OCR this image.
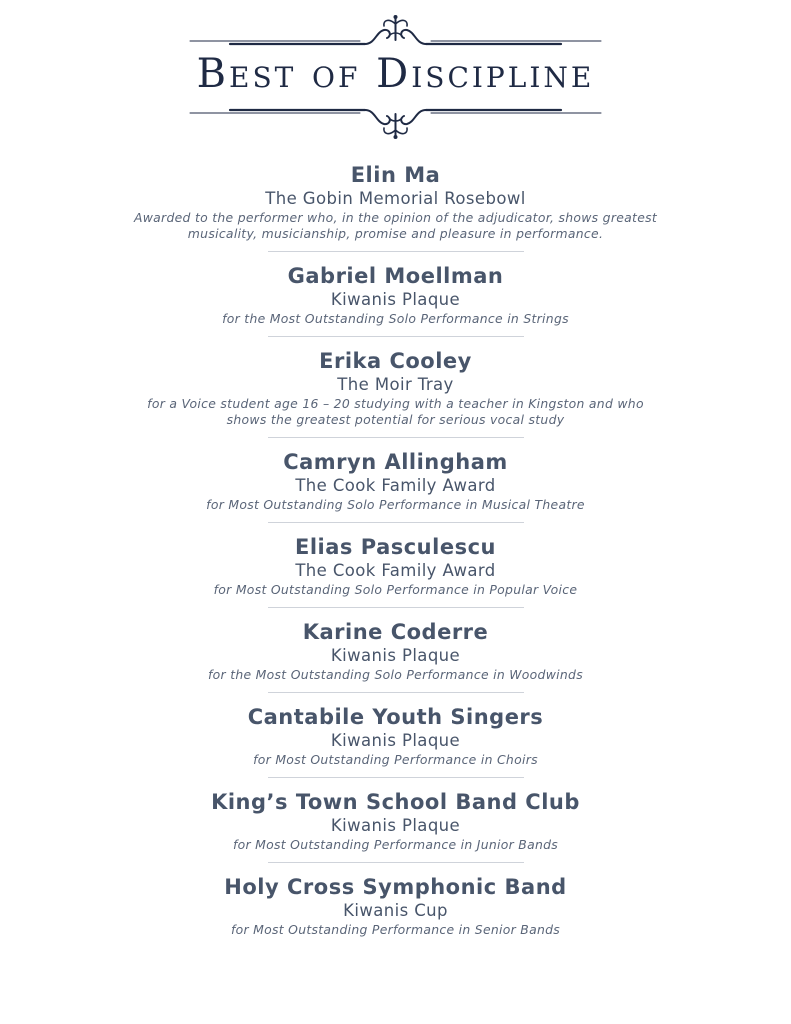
Best of Discipline
Elin Ma
The Gobin Memorial Rosebowl
Awarded to the performer who, in the opinion of the adjudicator, shows greatest musicality, musicianship, promise and pleasure in performance.
Gabriel Moellman
Kiwanis Plaque
for the Most Outstanding Solo Performance in Strings
Erika Cooley
The Moir Tray
for a Voice student age 16 – 20 studying with a teacher in Kingston and who shows the greatest potential for serious vocal study
Camryn Allingham
The Cook Family Award
for Most Outstanding Solo Performance in Musical Theatre
Elias Pasculescu
The Cook Family Award
for Most Outstanding Solo Performance in Popular Voice
Karine Coderre
Kiwanis Plaque
for the Most Outstanding Solo Performance in Woodwinds
Cantabile Youth Singers
Kiwanis Plaque
for Most Outstanding Performance in Choirs
King’s Town School Band Club
Kiwanis Plaque
for Most Outstanding Performance in Junior Bands
Holy Cross Symphonic Band
Kiwanis Cup
for Most Outstanding Performance in Senior Bands
